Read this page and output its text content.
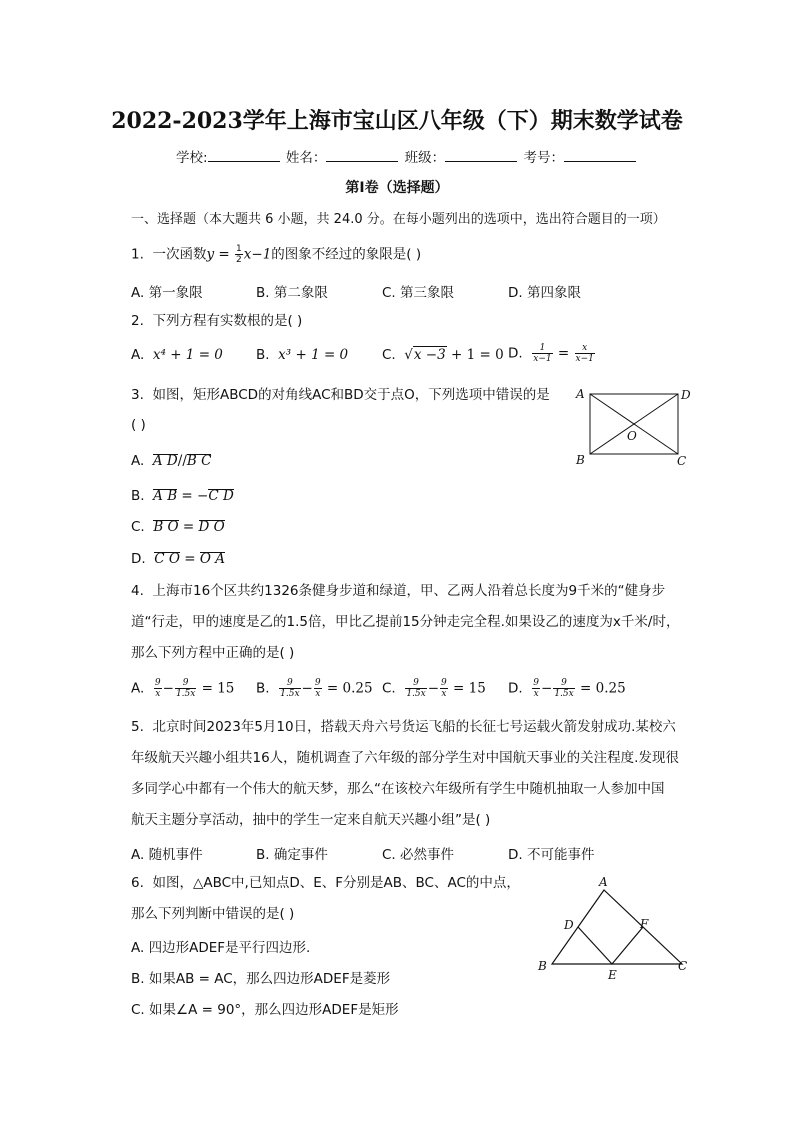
2022-2023学年上海市宝山区八年级（下）期末数学试卷
学校:	姓名：	班级：	考号：
第I卷（选择题）
一、选择题（本大题共 6 小题，共 24.0 分。在每小题列出的选项中，选出符合题目的一项）
1. 一次函数$y = \frac{1}{2} x-1$的图象不经过的象限是( )
A. 第一象限	B. 第二象限	C. 第三象限	D. 第四象限
2. 下列方程有实数根的是( )
A. x⁴ + 1 = 0 B. x³ + 1 = 0	C.  √x −3 + 1 = 0 D. $\frac{1}{x-1} = \frac{x}{x-1}$
3. 如图，矩形ABCD的对角线AC和BD交于点O，下列选项中错误的是
( )
A. A D//B C
B. A B = −C D
C. B O = D O
D. C O = O A
A	D
B	C
O
4. 上海市16个区共约1326条健身步道和绿道，甲、乙两人沿着总长度为9千米的“健身步
道“行走，甲的速度是乙的1.5倍，甲比乙提前15分钟走完全程.如果设乙的速度为x千米/时，
那么下列方程中正确的是( )
A. $\frac{9}{x} - \frac{9}{1.5x} = 15$ B. $\frac{9}{1.5x} - \frac{9}{x} = 0.25$ C. $\frac{9}{1.5x} - \frac{9}{x} = 15$ D. $\frac{9}{x} - \frac{9}{1.5x} = 0.25$
5. 北京时间2023年5月10日，搭载天舟六号货运飞船的长征七号运载火箭发射成功.某校六
年级航天兴趣小组共16人，随机调查了六年级的部分学生对中国航天事业的关注程度.发现很
多同学心中都有一个伟大的航天梦，那么“在该校六年级所有学生中随机抽取一人参加中国
航天主题分享活动，抽中的学生一定来自航天兴趣小组”是( )
A. 随机事件	B. 确定事件	C. 必然事件	D. 不可能事件
6. 如图，△ABC中,已知点D、E、F分别是AB、BC、AC的中点，
那么下列判断中错误的是( )
A. 四边形ADEF是平行四边形.
B. 如果AB = AC，那么四边形ADEF是菱形
C. 如果∠A = 90°，那么四边形ADEF是矩形
A
D	F
B
E
C
